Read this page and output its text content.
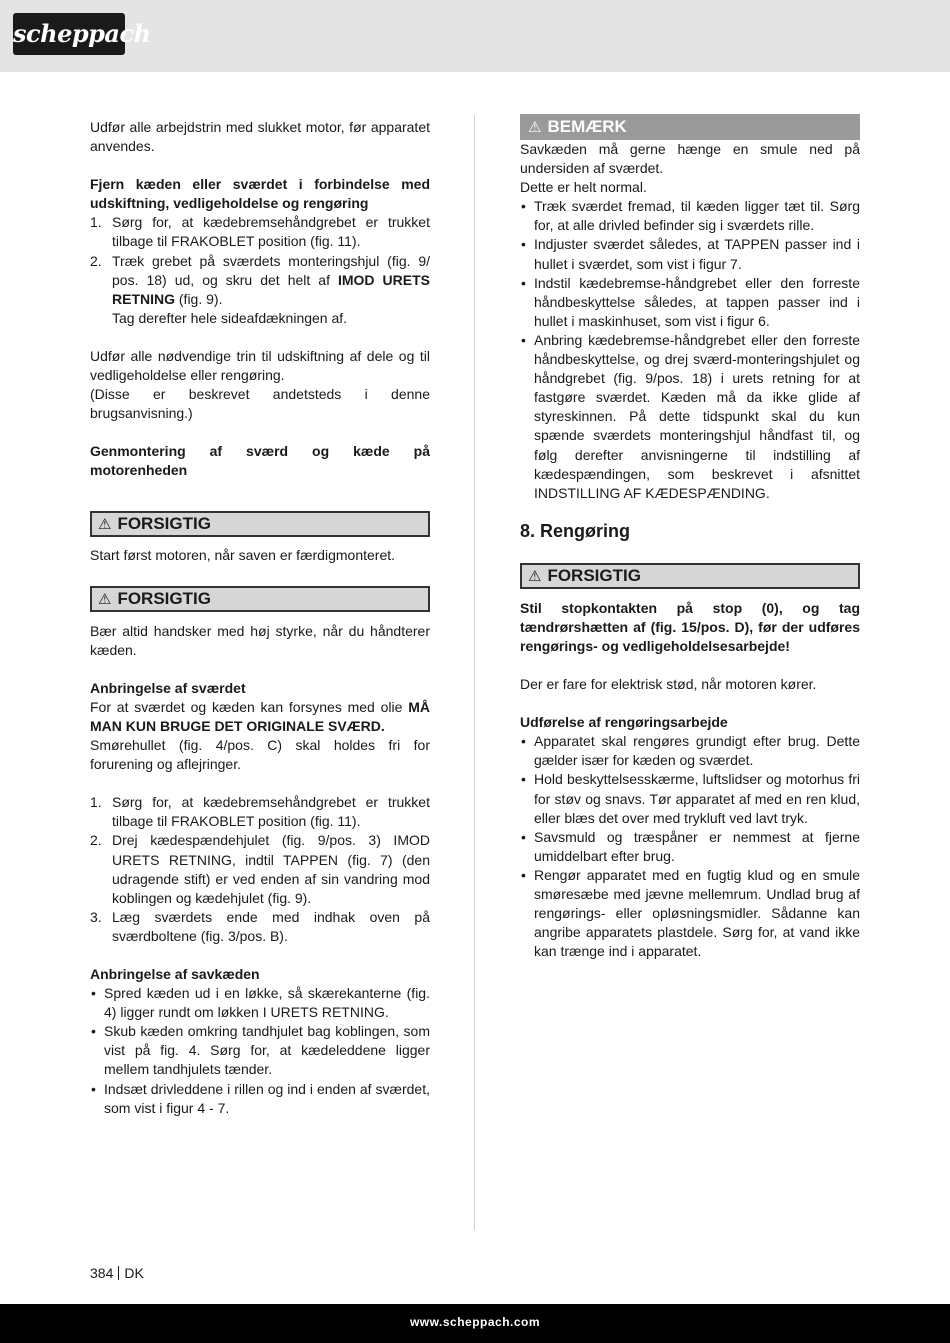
scheppach

Udfør alle arbejdstrin med slukket motor, før apparatet anvendes.

Fjern kæden eller sværdet i forbindelse med udskiftning, vedligeholdelse og rengøring

1. Sørg for, at kædebremsehåndgrebet er trukket tilbage til FRAKOBLET position (fig. 11).
2. Træk grebet på sværdets monteringshjul (fig. 9/ pos. 18) ud, og skru det helt af IMOD URETS RETNING (fig. 9).
Tag derefter hele sideafdækningen af.

Udfør alle nødvendige trin til udskiftning af dele og til vedligeholdelse eller rengøring.

(Disse er beskrevet andetsteds i denne brugsanvisning.)

Genmontering af sværd og kæde på motorenheden

⚠ FORSIGTIG

Start først motoren, når saven er færdigmonteret.

⚠ FORSIGTIG

Bær altid handsker med høj styrke, når du håndterer kæden.

Anbringelse af sværdet

For at sværdet og kæden kan forsynes med olie MÅ MAN KUN BRUGE DET ORIGINALE SVÆRD.

Smørehullet (fig. 4/pos. C) skal holdes fri for forurening og aflejringer.

1. Sørg for, at kædebremsehåndgrebet er trukket tilbage til FRAKOBLET position (fig. 11).
2. Drej kædespændehjulet (fig. 9/pos. 3) IMOD URETS RETNING, indtil TAPPEN (fig. 7) (den udragende stift) er ved enden af sin vandring mod koblingen og kædehjulet (fig. 9).
3. Læg sværdets ende med indhak oven på sværdboltene (fig. 3/pos. B).

Anbringelse af savkæden

• Spred kæden ud i en løkke, så skærekanterne (fig. 4) ligger rundt om løkken I URETS RETNING.
• Skub kæden omkring tandhjulet bag koblingen, som vist på fig. 4. Sørg for, at kædeleddene ligger mellem tandhjulets tænder.
• Indsæt drivleddene i rillen og ind i enden af sværdet, som vist i figur 4 - 7.
⚠ BEMÆRK

Savkæden må gerne hænge en smule ned på undersiden af sværdet.

Dette er helt normal.

• Træk sværdet fremad, til kæden ligger tæt til. Sørg for, at alle drivled befinder sig i sværdets rille.
• Indjuster sværdet således, at TAPPEN passer ind i hullet i sværdet, som vist i figur 7.
• Indstil kædebremse-håndgrebet eller den forreste håndbeskyttelse således, at tappen passer ind i hullet i maskinhuset, som vist i figur 6.
• Anbring kædebremse-håndgrebet eller den forreste håndbeskyttelse, og drej sværd-monteringshjulet og håndgrebet (fig. 9/pos. 18) i urets retning for at fastgøre sværdet. Kæden må da ikke glide af styreskinnen. På dette tidspunkt skal du kun spænde sværdets monteringshjul håndfast til, og følg derefter anvisningerne til indstilling af kædespændingen, som beskrevet i afsnittet INDSTILLING AF KÆDESPÆNDING.

8. Rengøring

⚠ FORSIGTIG

Stil stopkontakten på stop (0), og tag tændrørshætten af (fig. 15/pos. D), før der udføres rengørings- og vedligeholdelsesarbejde!

Der er fare for elektrisk stød, når motoren kører.

Udførelse af rengøringsarbejde

• Apparatet skal rengøres grundigt efter brug. Dette gælder især for kæden og sværdet.
• Hold beskyttelsesskærme, luftslidser og motorhus fri for støv og snavs. Tør apparatet af med en ren klud, eller blæs det over med trykluft ved lavt tryk.
• Savsmuld og træspåner er nemmest at fjerne umiddelbart efter brug.
• Rengør apparatet med en fugtig klud og en smule smøresæbe med jævne mellemrum. Undlad brug af rengørings- eller opløsningsmidler. Sådanne kan angribe apparatets plastdele. Sørg for, at vand ikke kan trænge ind i apparatet.
384 DK
www.scheppach.com
